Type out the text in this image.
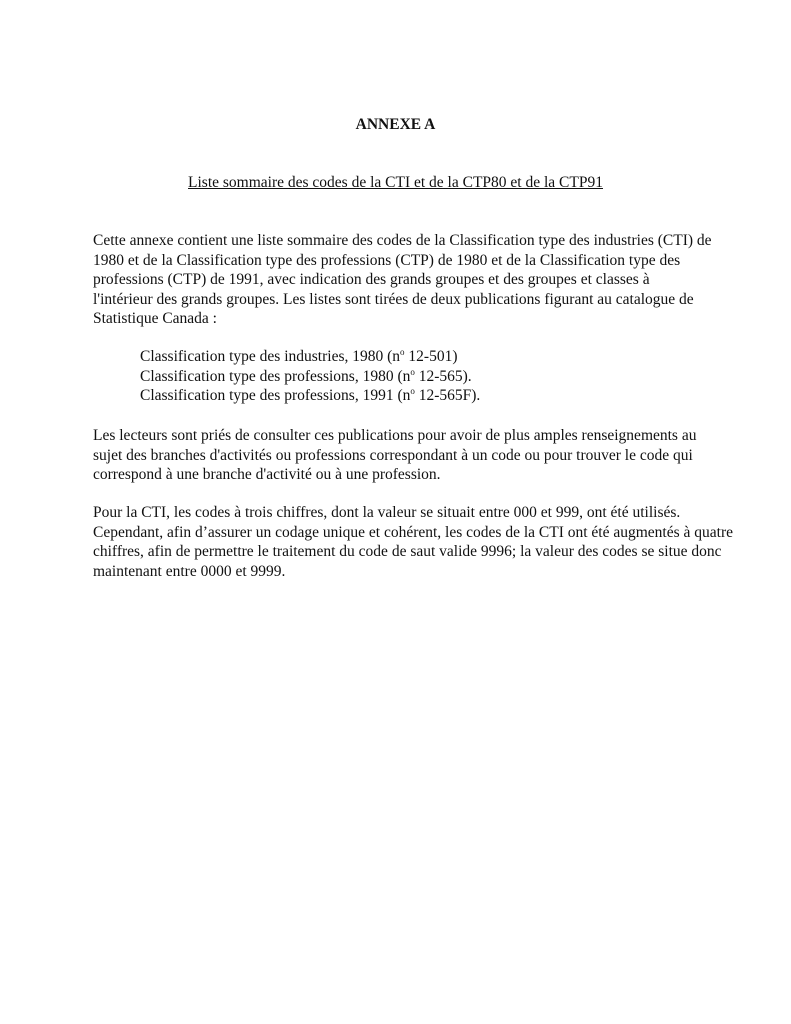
ANNEXE A
Liste sommaire des codes de la CTI et de la CTP80 et de la CTP91
Cette annexe contient une liste sommaire des codes de la Classification type des industries (CTI) de 1980 et de la Classification type des professions (CTP) de 1980 et de la Classification type des professions (CTP) de 1991, avec indication des grands groupes et des groupes et classes à l'intérieur des grands groupes. Les listes sont tirées de deux publications figurant au catalogue de Statistique Canada :
Classification type des industries, 1980 ($n^o$ 12-501)
Classification type des professions, 1980 ($n^o$ 12-565).
Classification type des professions, 1991 ($n^o$ 12-565F).
Les lecteurs sont priés de consulter ces publications pour avoir de plus amples renseignements au sujet des branches d'activités ou professions correspondant à un code ou pour trouver le code qui correspond à une branche d'activité ou à une profession.
Pour la CTI, les codes à trois chiffres, dont la valeur se situait entre 000 et 999, ont été utilisés. Cependant, afin d’assurer un codage unique et cohérent, les codes de la CTI ont été augmentés à quatre chiffres, afin de permettre le traitement du code de saut valide 9996; la valeur des codes se situe donc maintenant entre 0000 et 9999.
